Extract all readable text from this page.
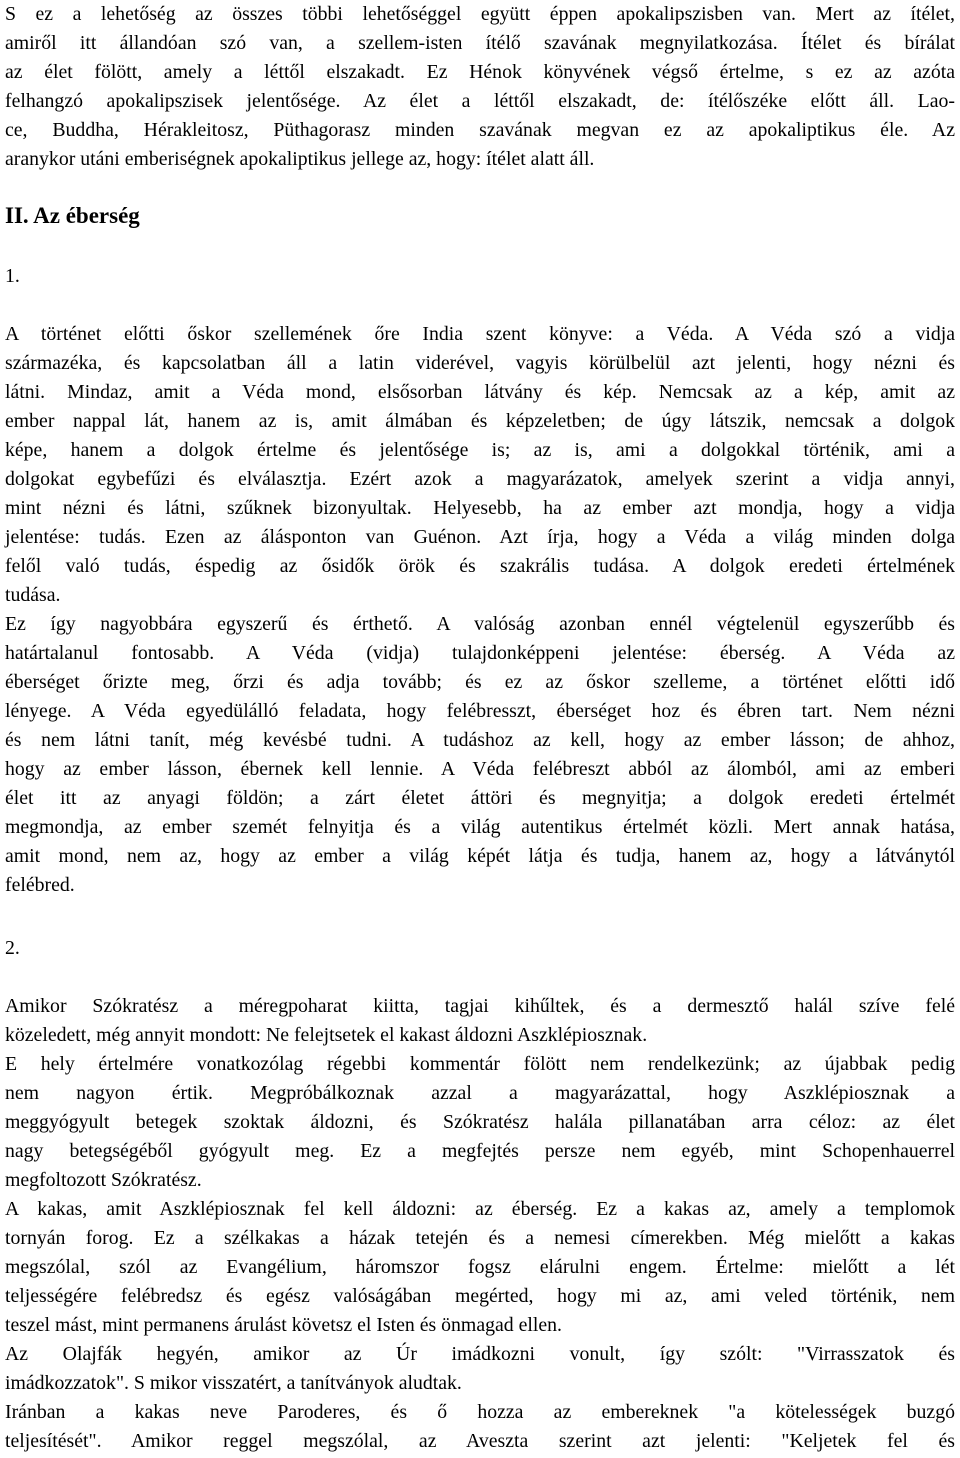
S ez a lehetőség az összes többi lehetőséggel együtt éppen apokalipszisben van. Mert az ítélet,
amiről itt állandóan szó van, a szellem-isten ítélő szavának megnyilatkozása. Ítélet és bírálat
az élet fölött, amely a léttől elszakadt. Ez Hénok könyvének végső értelme, s ez az azóta
felhangzó apokalipszisek jelentősége. Az élet a léttől elszakadt, de: ítélőszéke előtt áll. Lao-
ce, Buddha, Hérakleitosz, Püthagorasz minden szavának megvan ez az apokaliptikus éle. Az
aranykor utáni emberiségnek apokaliptikus jellege az, hogy: ítélet alatt áll.
II. Az éberség
1.
A történet előtti őskor szellemének őre India szent könyve: a Véda. A Véda szó a vidja
származéka, és kapcsolatban áll a latin viderével, vagyis körülbelül azt jelenti, hogy nézni és
látni. Mindaz, amit a Véda mond, elsősorban látvány és kép. Nemcsak az a kép, amit az
ember nappal lát, hanem az is, amit álmában és képzeletben; de úgy látszik, nemcsak a dolgok
képe, hanem a dolgok értelme és jelentősége is; az is, ami a dolgokkal történik, ami a
dolgokat egybefűzi és elválasztja. Ezért azok a magyarázatok, amelyek szerint a vidja annyi,
mint nézni és látni, szűknek bizonyultak. Helyesebb, ha az ember azt mondja, hogy a vidja
jelentése: tudás. Ezen az álásponton van Guénon. Azt írja, hogy a Véda a világ minden dolga
felől való tudás, éspedig az ősidők örök és szakrális tudása. A dolgok eredeti értelmének
tudása.
Ez így nagyobbára egyszerű és érthető. A valóság azonban ennél végtelenül egyszerűbb és
határtalanul fontosabb. A Véda (vidja) tulajdonképpeni jelentése: éberség. A Véda az
éberséget őrizte meg, őrzi és adja tovább; és ez az őskor szelleme, a történet előtti idő
lényege. A Véda egyedülálló feladata, hogy felébresszt, éberséget hoz és ébren tart. Nem nézni
és nem látni tanít, még kevésbé tudni. A tudáshoz az kell, hogy az ember lásson; de ahhoz,
hogy az ember lásson, ébernek kell lennie. A Véda felébreszt abból az álomból, ami az emberi
élet itt az anyagi földön; a zárt életet áttöri és megnyitja; a dolgok eredeti értelmét
megmondja, az ember szemét felnyitja és a világ autentikus értelmét közli. Mert annak hatása,
amit mond, nem az, hogy az ember a világ képét látja és tudja, hanem az, hogy a látványtól
felébred.
2.
Amikor Szókratész a méregpoharat kiitta, tagjai kihűltek, és a dermesztő halál szíve felé
közeledett, még annyit mondott: Ne felejtsetek el kakast áldozni Aszklépiosznak.
E hely értelmére vonatkozólag régebbi kommentár fölött nem rendelkezünk; az újabbak pedig
nem nagyon értik. Megpróbálkoznak azzal a magyarázattal, hogy Aszklépiosznak a
meggyógyult betegek szoktak áldozni, és Szókratész halála pillanatában arra céloz: az élet
nagy betegségéből gyógyult meg. Ez a megfejtés persze nem egyéb, mint Schopenhauerrel
megfoltozott Szókratész.
A kakas, amit Aszklépiosznak fel kell áldozni: az éberség. Ez a kakas az, amely a templomok
tornyán forog. Ez a szélkakas a házak tetején és a nemesi címerekben. Még mielőtt a kakas
megszólal, szól az Evangélium, háromszor fogsz elárulni engem. Értelme: mielőtt a lét
teljességére felébredsz és egész valóságában megérted, hogy mi az, ami veled történik, nem
teszel mást, mint permanens árulást követsz el Isten és önmagad ellen.
Az Olajfák hegyén, amikor az Úr imádkozni vonult, így szólt: "Virrasszatok és
imádkozzatok". S mikor visszatért, a tanítványok aludtak.
Iránban a kakas neve Paroderes, és ő hozza az embereknek "a kötelességek buzgó
teljesítését". Amikor reggel megszólal, az Aveszta szerint azt jelenti: "Keljetek fel és
